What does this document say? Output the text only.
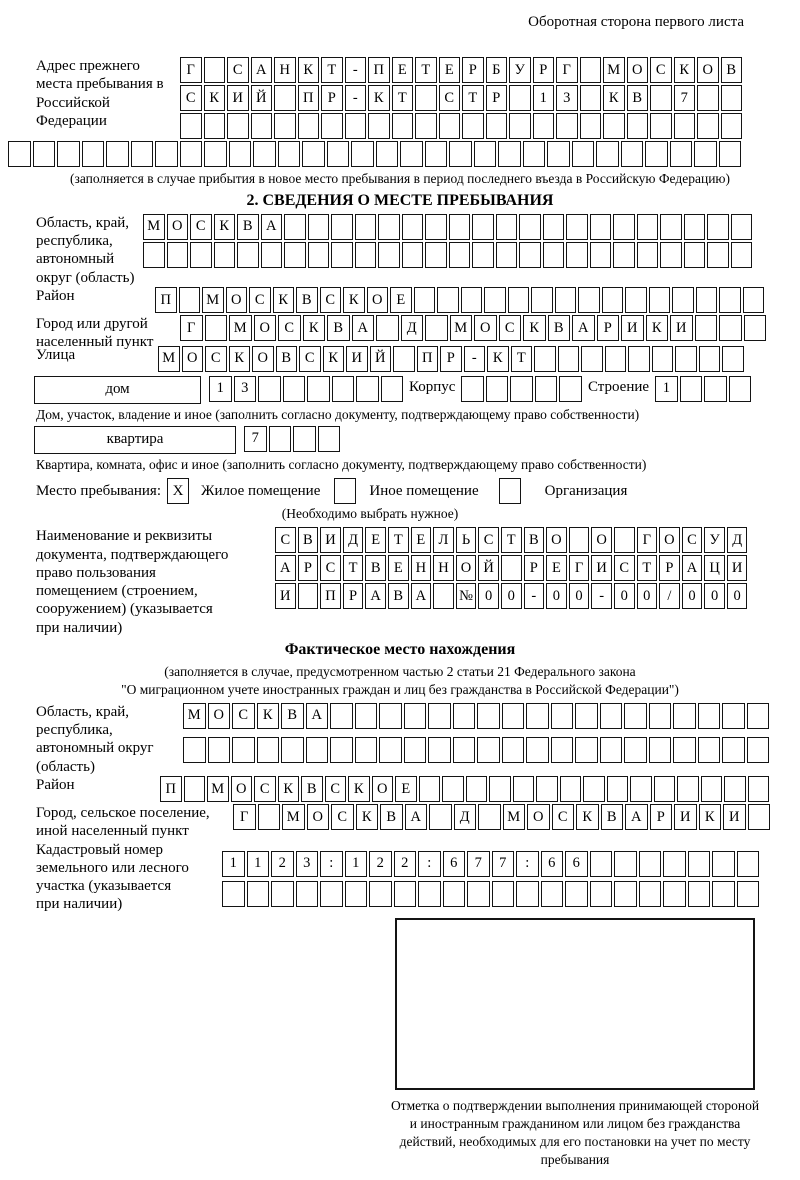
Оборотная сторона первого листа
Адрес прежнего места пребывания в Российской Федерации
Г	С А Н К Т	-	П Е	Т	Е	Р	Б У Р	Г	М О С К О В
С К И Й	П Р	-	К Т	С Т	Р	1	3	К В	7
(заполняется в случае прибытия в новое место пребывания в период последнего въезда в Российскую Федерацию)
2. СВЕДЕНИЯ О МЕСТЕ ПРЕБЫВАНИЯ
Область, край, республика, автономный округ (область)
М О С К В А
Район	П	М О С К В С К О Е
Город или другой населенный пункт
Г	М О С	К	В А	Д	М О С	К	В А	Р	И К И
Улица	М О С К О В С К И Й	П Р	-	К Т
дом	1	3	Корпус	Строение 1
Дом, участок, владение и иное (заполнить согласно документу, подтверждающему право собственности)
квартира	7
Квартира, комната, офис и иное (заполнить согласно документу, подтверждающему право собственности)
Место пребывания: X	Жилое помещение	Иное помещение	Организация
(Необходимо выбрать нужное)
Наименование и реквизиты документа, подтверждающего право пользования помещением (строением, сооружением) (указывается при наличии)
С В И Д Е Т Е Л Ь С Т В О	О	Г О С У Д
А Р С Т В Е Н Н О Й	Р Е Г И С Т Р А Ц И
И	П Р А В А	№ 0	0	-	0	0	-	0	0	/	0	0	0
Фактическое место нахождения
(заполняется в случае, предусмотренном частью 2 статьи 21 Федерального закона
"О миграционном учете иностранных граждан и лиц без гражданства в Российской Федерации")
Область, край, республика, автономный округ (область)
М О С	К	В А
Район	П	М О С К В С К О Е
Город, сельское поселение, иной населенный пункт
Г	М О С	К	В А	Д	М О С	К	В А	Р	И К И
Кадастровый номер земельного или лесного участка (указывается при наличии)
1	1	2	3	:	1	2	2	:	6	7	7	:	6	6
Отметка о подтверждении выполнения принимающей стороной и иностранным гражданином или лицом без гражданства действий, необходимых для его постановки на учет по месту пребывания
